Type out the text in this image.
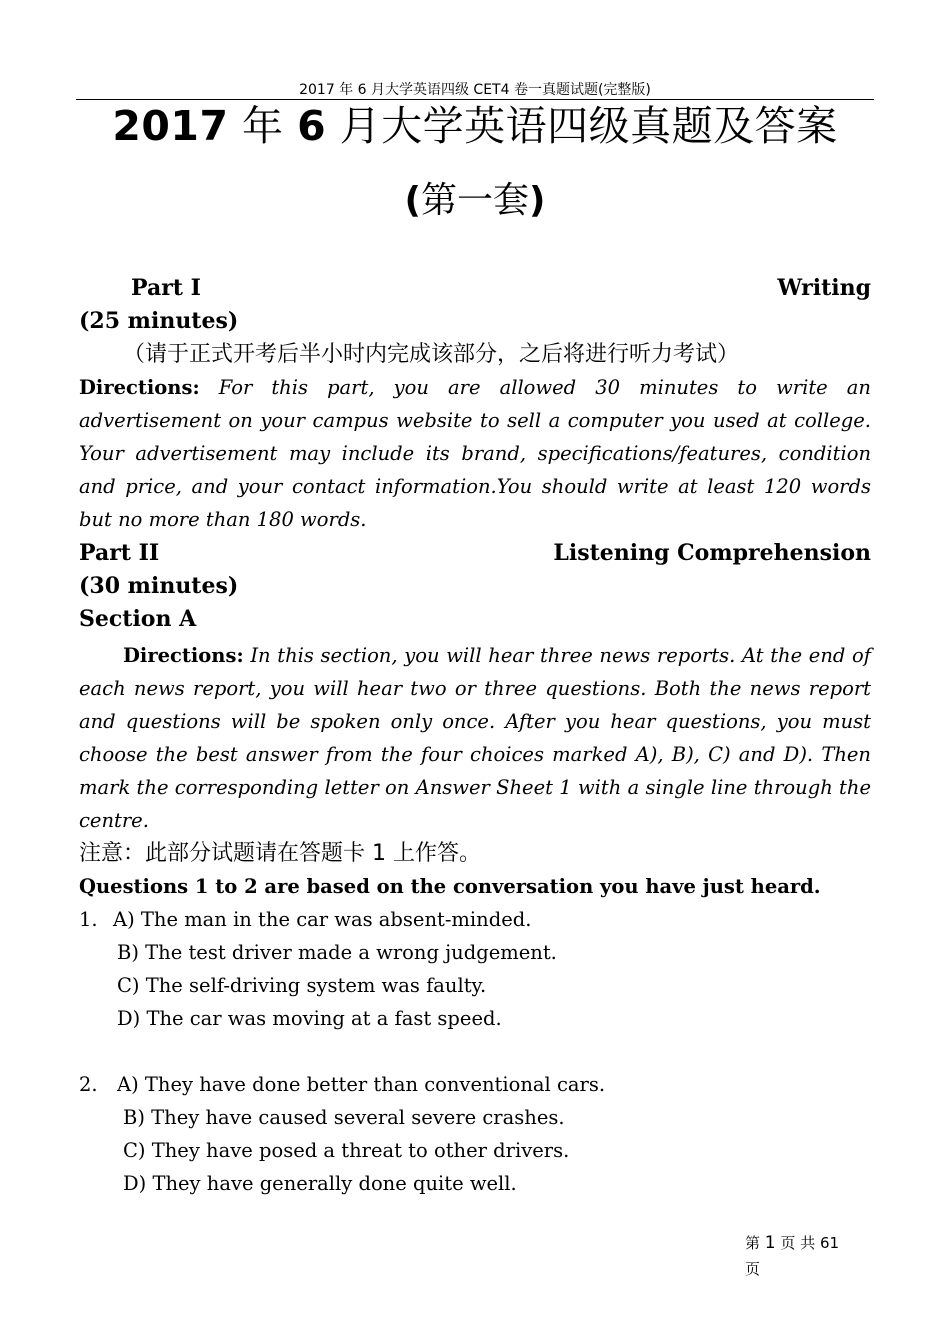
2017 年 6 月大学英语四级 CET4 卷一真题试题(完整版)
2017 年 6 月大学英语四级真题及答案
(第一套)
Part I	Writing
(25 minutes)
（请于正式开考后半小时内完成该部分，之后将进行听力考试）
Directions: For this part, you are allowed 30 minutes to write an advertisement on your campus website to sell a computer you used at college. Your advertisement may include its brand, specifications/features, condition and price, and your contact information.You should write at least 120 words but no more than 180 words.
Part II	Listening Comprehension
(30 minutes)
Section A
Directions: In this section, you will hear three news reports. At the end of each news report, you will hear two or three questions. Both the news report and questions will be spoken only once. After you hear questions, you must choose the best answer from the four choices marked A), B), C) and D). Then mark the corresponding letter on Answer Sheet 1 with a single line through the centre.
注意：此部分试题请在答题卡 1 上作答。
Questions 1 to 2 are based on the conversation you have just heard.
1. A) The man in the car was absent-minded.
B) The test driver made a wrong judgement.
C) The self-driving system was faulty.
D) The car was moving at a fast speed.
2. A) They have done better than conventional cars.
B) They have caused several severe crashes.
C) They have posed a threat to other drivers.
D) They have generally done quite well.
第 1 页 共 61
页
